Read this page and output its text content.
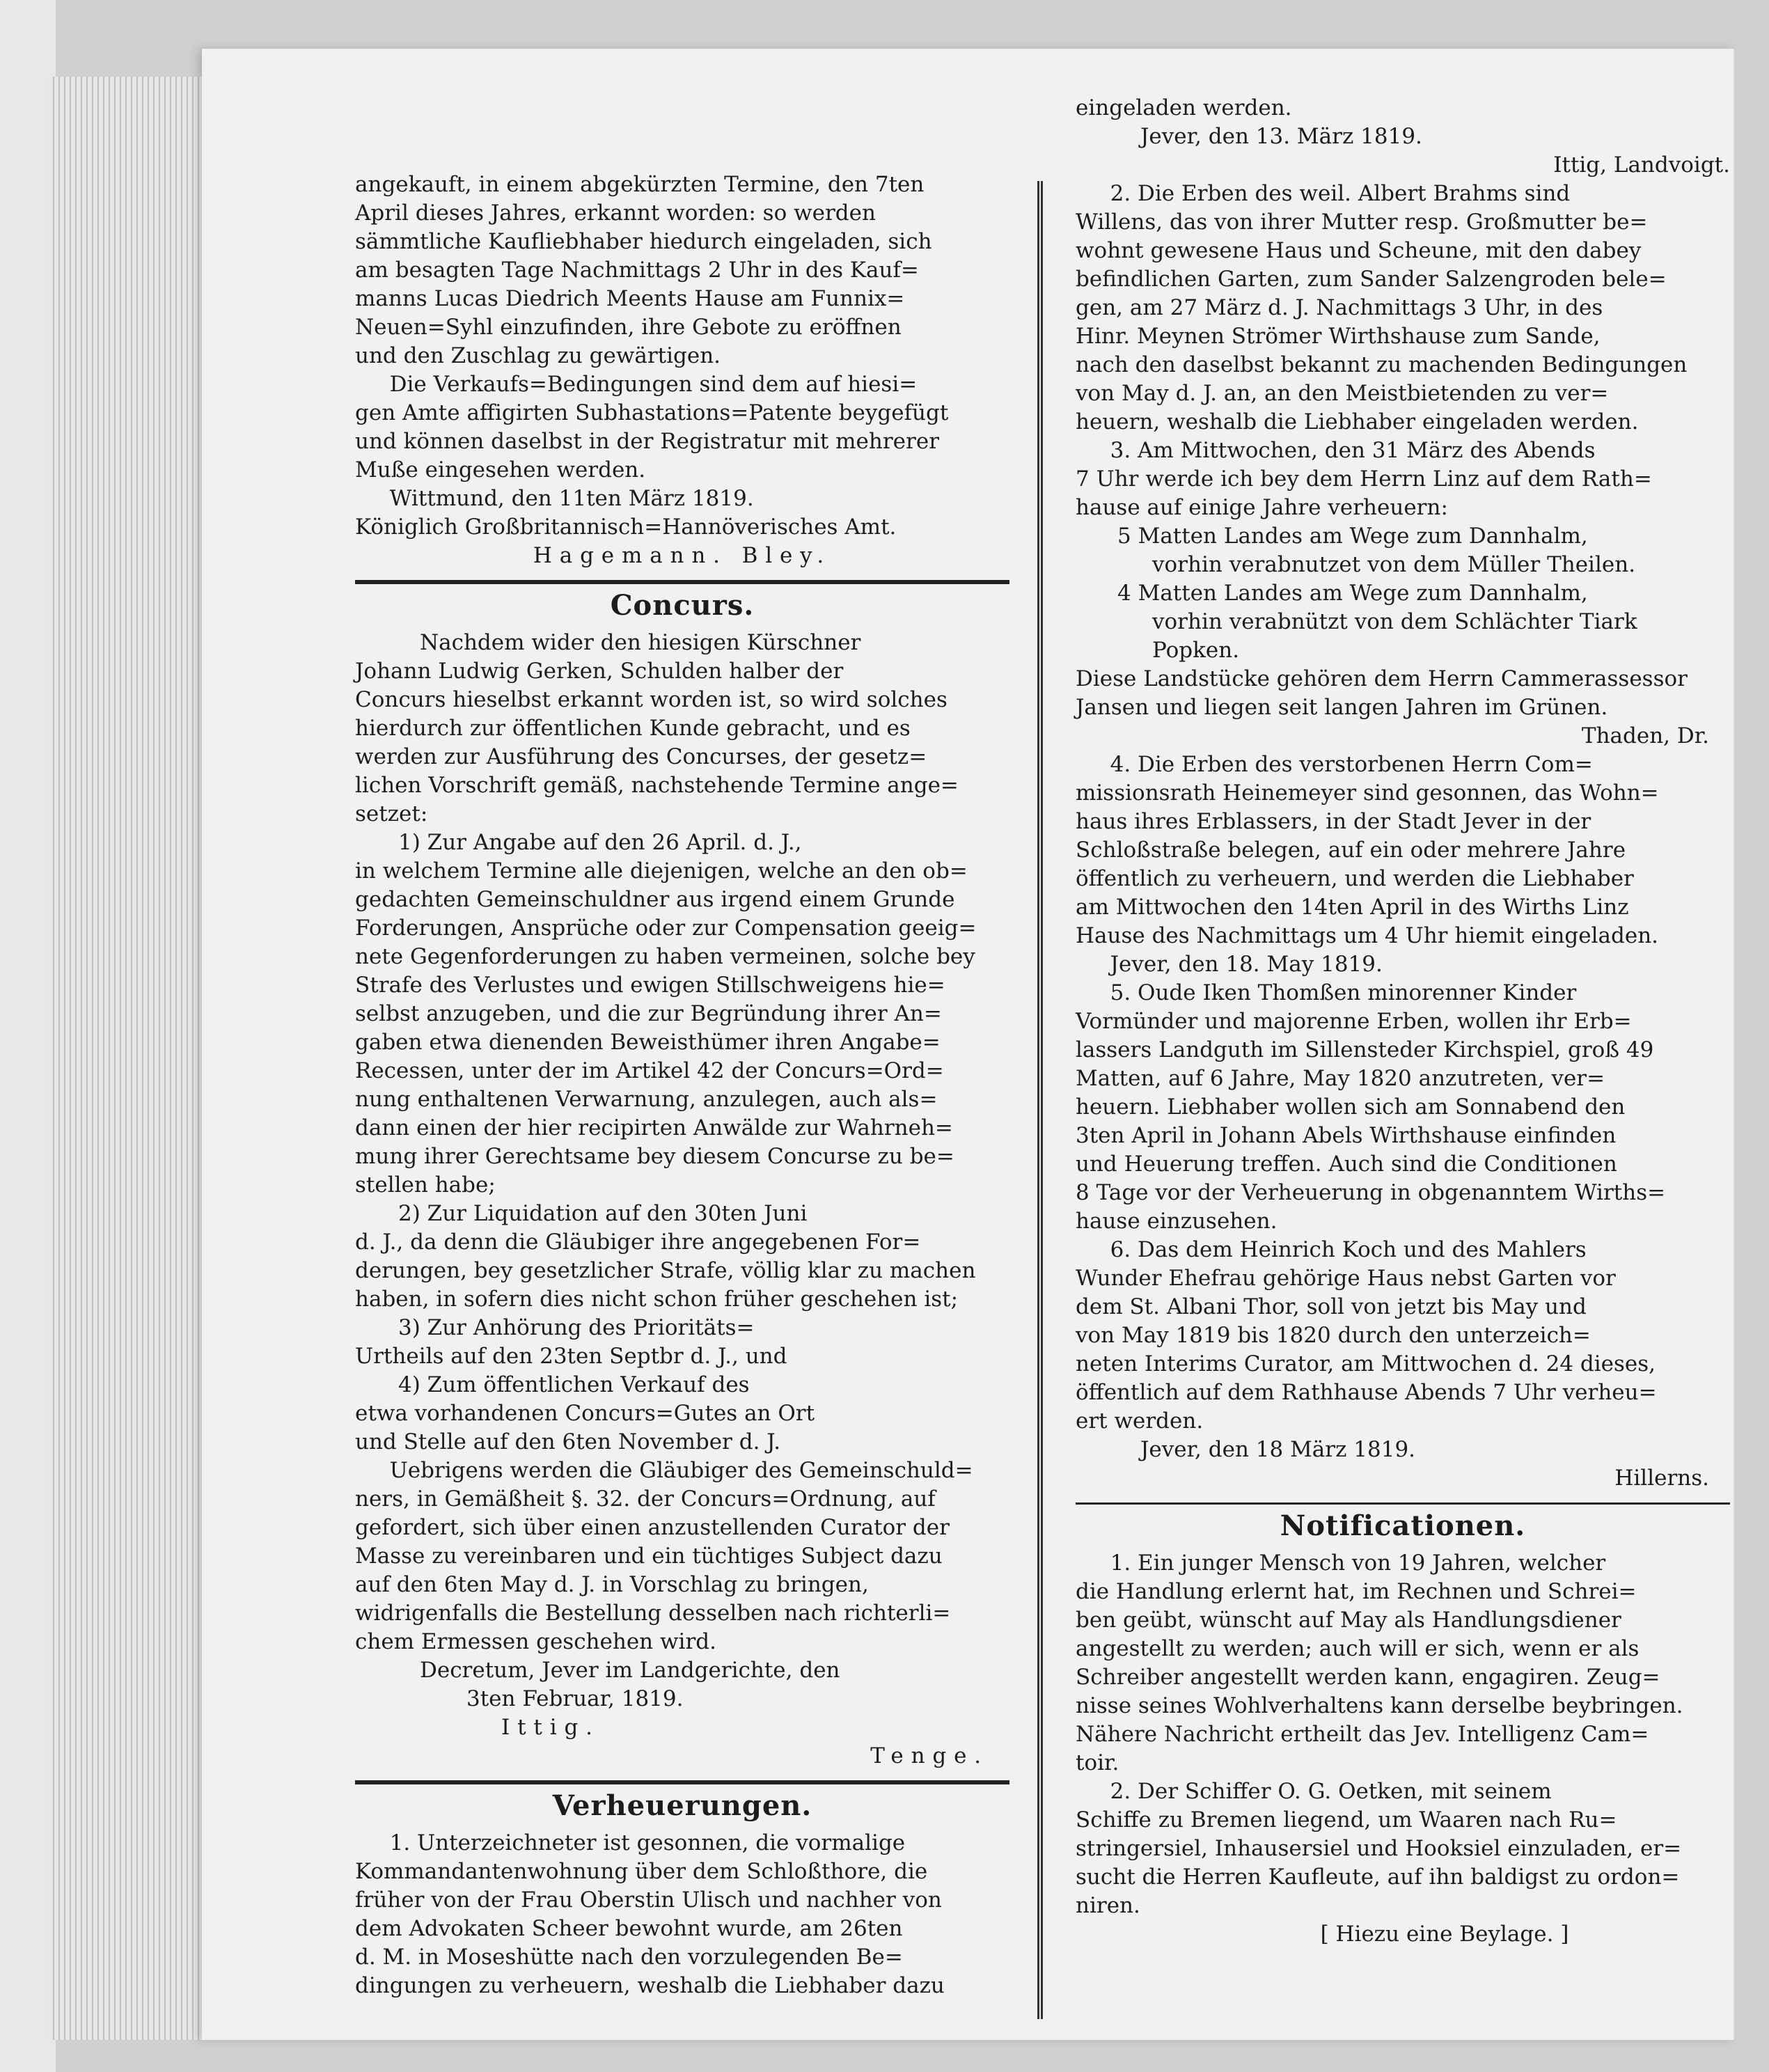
angekauft, in einem abgekürzten Termine, den 7ten

April dieses Jahres, erkannt worden: so werden

sämmtliche Kaufliebhaber hiedurch eingeladen, sich

am besagten Tage Nachmittags 2 Uhr in des Kauf=

manns Lucas Diedrich Meents Hause am Funnix=

Neuen=Syhl einzufinden, ihre Gebote zu eröffnen

und den Zuschlag zu gewärtigen.

Die Verkaufs=Bedingungen sind dem auf hiesi=

gen Amte affigirten Subhastations=Patente beygefügt

und können daselbst in der Registratur mit mehrerer

Muße eingesehen werden.

Wittmund, den 11ten März 1819.

Königlich Großbritannisch=Hannöverisches Amt.

Hagemann. Bley.

Concurs.

Nachdem wider den hiesigen Kürschner

Johann Ludwig Gerken, Schulden halber der

Concurs hieselbst erkannt worden ist, so wird solches

hierdurch zur öffentlichen Kunde gebracht, und es

werden zur Ausführung des Concurses, der gesetz=

lichen Vorschrift gemäß, nachstehende Termine ange=

setzet:

1) Zur Angabe auf den 26 April. d. J.,

in welchem Termine alle diejenigen, welche an den ob=

gedachten Gemeinschuldner aus irgend einem Grunde

Forderungen, Ansprüche oder zur Compensation geeig=

nete Gegenforderungen zu haben vermeinen, solche bey

Strafe des Verlustes und ewigen Stillschweigens hie=

selbst anzugeben, und die zur Begründung ihrer An=

gaben etwa dienenden Beweisthümer ihren Angabe=

Recessen, unter der im Artikel 42 der Concurs=Ord=

nung enthaltenen Verwarnung, anzulegen, auch als=

dann einen der hier recipirten Anwälde zur Wahrneh=

mung ihrer Gerechtsame bey diesem Concurse zu be=

stellen habe;

2) Zur Liquidation auf den 30ten Juni

d. J., da denn die Gläubiger ihre angegebenen For=

derungen, bey gesetzlicher Strafe, völlig klar zu machen

haben, in sofern dies nicht schon früher geschehen ist;

3) Zur Anhörung des Prioritäts=

Urtheils auf den 23ten Septbr d. J., und

4) Zum öffentlichen Verkauf des

etwa vorhandenen Concurs=Gutes an Ort

und Stelle auf den 6ten November d. J.

Uebrigens werden die Gläubiger des Gemeinschuld=

ners, in Gemäßheit §. 32. der Concurs=Ordnung, auf

gefordert, sich über einen anzustellenden Curator der

Masse zu vereinbaren und ein tüchtiges Subject dazu

auf den 6ten May d. J. in Vorschlag zu bringen,

widrigenfalls die Bestellung desselben nach richterli=

chem Ermessen geschehen wird.

Decretum, Jever im Landgerichte, den

3ten Februar, 1819.

Ittig.

Tenge.

Verheuerungen.

1. Unterzeichneter ist gesonnen, die vormalige

Kommandantenwohnung über dem Schloßthore, die

früher von der Frau Oberstin Ulisch und nachher von

dem Advokaten Scheer bewohnt wurde, am 26ten

d. M. in Moseshütte nach den vorzulegenden Be=

dingungen zu verheuern, weshalb die Liebhaber dazu

eingeladen werden.

Jever, den 13. März 1819.

Ittig, Landvoigt.

2. Die Erben des weil. Albert Brahms sind

Willens, das von ihrer Mutter resp. Großmutter be=

wohnt gewesene Haus und Scheune, mit den dabey

befindlichen Garten, zum Sander Salzengroden bele=

gen, am 27 März d. J. Nachmittags 3 Uhr, in des

Hinr. Meynen Strömer Wirthshause zum Sande,

nach den daselbst bekannt zu machenden Bedingungen

von May d. J. an, an den Meistbietenden zu ver=

heuern, weshalb die Liebhaber eingeladen werden.

3. Am Mittwochen, den 31 März des Abends

7 Uhr werde ich bey dem Herrn Linz auf dem Rath=

hause auf einige Jahre verheuern:

5 Matten Landes am Wege zum Dannhalm,

vorhin verabnutzet von dem Müller Theilen.

4 Matten Landes am Wege zum Dannhalm,

vorhin verabnützt von dem Schlächter Tiark

Popken.

Diese Landstücke gehören dem Herrn Cammerassessor

Jansen und liegen seit langen Jahren im Grünen.

Thaden, Dr.

4. Die Erben des verstorbenen Herrn Com=

missionsrath Heinemeyer sind gesonnen, das Wohn=

haus ihres Erblassers, in der Stadt Jever in der

Schloßstraße belegen, auf ein oder mehrere Jahre

öffentlich zu verheuern, und werden die Liebhaber

am Mittwochen den 14ten April in des Wirths Linz

Hause des Nachmittags um 4 Uhr hiemit eingeladen.

Jever, den 18. May 1819.

5. Oude Iken Thomßen minorenner Kinder

Vormünder und majorenne Erben, wollen ihr Erb=

lassers Landguth im Sillensteder Kirchspiel, groß 49

Matten, auf 6 Jahre, May 1820 anzutreten, ver=

heuern. Liebhaber wollen sich am Sonnabend den

3ten April in Johann Abels Wirthshause einfinden

und Heuerung treffen. Auch sind die Conditionen

8 Tage vor der Verheuerung in obgenanntem Wirths=

hause einzusehen.

6. Das dem Heinrich Koch und des Mahlers

Wunder Ehefrau gehörige Haus nebst Garten vor

dem St. Albani Thor, soll von jetzt bis May und

von May 1819 bis 1820 durch den unterzeich=

neten Interims Curator, am Mittwochen d. 24 dieses,

öffentlich auf dem Rathhause Abends 7 Uhr verheu=

ert werden.

Jever, den 18 März 1819.

Hillerns.

Notificationen.

1. Ein junger Mensch von 19 Jahren, welcher

die Handlung erlernt hat, im Rechnen und Schrei=

ben geübt, wünscht auf May als Handlungsdiener

angestellt zu werden; auch will er sich, wenn er als

Schreiber angestellt werden kann, engagiren. Zeug=

nisse seines Wohlverhaltens kann derselbe beybringen.

Nähere Nachricht ertheilt das Jev. Intelligenz Cam=

toir.

2. Der Schiffer O. G. Oetken, mit seinem

Schiffe zu Bremen liegend, um Waaren nach Ru=

stringersiel, Inhausersiel und Hooksiel einzuladen, er=

sucht die Herren Kaufleute, auf ihn baldigst zu ordon=

niren.

[ Hiezu eine Beylage. ]
